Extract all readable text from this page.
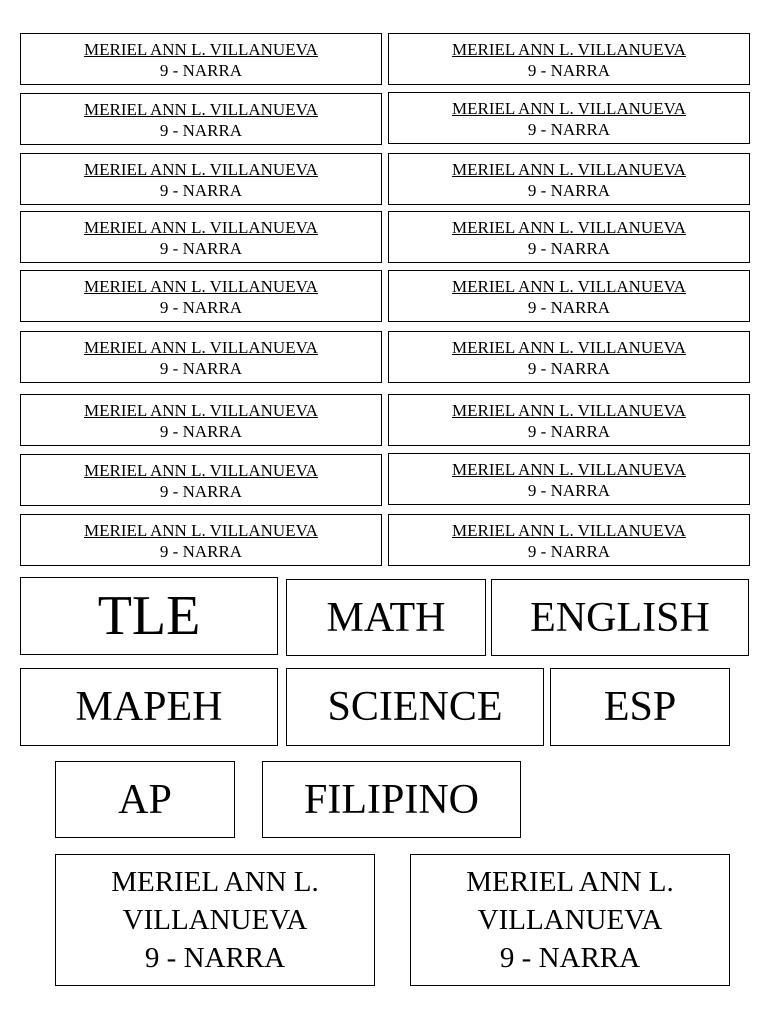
MERIEL ANN L. VILLANUEVA
9 - NARRA
MERIEL ANN L. VILLANUEVA
9 - NARRA
MERIEL ANN L. VILLANUEVA
9 - NARRA
MERIEL ANN L. VILLANUEVA
9 - NARRA
MERIEL ANN L. VILLANUEVA
9 - NARRA
MERIEL ANN L. VILLANUEVA
9 - NARRA
MERIEL ANN L. VILLANUEVA
9 - NARRA
MERIEL ANN L. VILLANUEVA
9 - NARRA
MERIEL ANN L. VILLANUEVA
9 - NARRA
MERIEL ANN L. VILLANUEVA
9 - NARRA
MERIEL ANN L. VILLANUEVA
9 - NARRA
MERIEL ANN L. VILLANUEVA
9 - NARRA
MERIEL ANN L. VILLANUEVA
9 - NARRA
MERIEL ANN L. VILLANUEVA
9 - NARRA
MERIEL ANN L. VILLANUEVA
9 - NARRA
MERIEL ANN L. VILLANUEVA
9 - NARRA
MERIEL ANN L. VILLANUEVA
9 - NARRA
MERIEL ANN L. VILLANUEVA
9 - NARRA
TLE	MATH ENGLISH
MAPEH SCIENCE ESP
AP	FILIPINO
MERIEL ANN L.
VILLANUEVA
9 - NARRA
MERIEL ANN L.
VILLANUEVA
9 - NARRA
